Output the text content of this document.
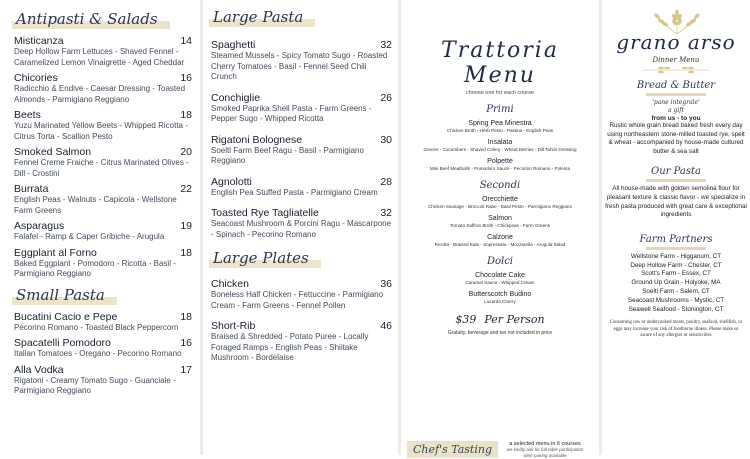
Antipasti & Salads
Misticanza	14
Deep Hollow Farm Lettuces - Shaved Fennel - Caramelized Lemon Vinaigrette - Aged Cheddar
Chicories	16
Radicchio & Endive - Caesar Dressing - Toasted Almonds - Parmigiano Reggiano
Beets	18
Yuzu Marinated Yellow Beets - Whipped Ricotta - Citrus Torta - Scallion Pesto
Smoked Salmon	20
Fennel Creme Fraiche - Citrus Marinated Olives - Dill - Crostini
Burrata	22
English Peas - Walnuts - Capicola - Wellstone Farm Greens
Asparagus	19
Falafel - Ramp & Caper Gribiche - Arugula
Eggplant al Forno	18
Baked Eggplant - Pomodoro - Ricotta - Basil - Parmigiano Reggiano
Small Pasta
Bucatini Cacio e Pepe	18
Pecorino Romano - Toasted Black Peppercorn
Spacatelli Pomodoro	16
Italian Tomatoes - Oregano - Pecorino Romano
Alla Vodka	17
Rigatoni - Creamy Tomato Sugo - Guanciale - Parmigiano Reggiano
Large Pasta
Spaghetti	32
Steamed Mussels - Spicy Tomato Sugo - Roasted Cherry Tomatoes - Basil - Fennel Seed Chili Crunch
Conchiglie	26
Smoked Paprika Shell Pasta - Farm Greens - Pepper Sugo - Whipped Ricotta
Rigatoni Bolognese	30
Soeltl Farm Beef Ragu - Basil - Parmigiano Reggiano
Agnolotti	28
English Pea Stuffed Pasta - Parmigiano Cream
Toasted Rye Tagliatelle	32
Seacoast Mushroom & Porcini Ragu - Mascarpone - Spinach - Pecorino Romano
Large Plates
Chicken	36
Boneless Half Chicken - Fettuccine - Parmigiano Cream - Farm Greens - Fennel Pollen
Short-Rib	46
Braised & Shredded - Potato Puree - Locally Foraged Ramps - English Peas - Shiitake Mushroom - Bordelaise
Trattoria Menu
choose one for each course
Primi
Spring Pea Minestra
Chicken Broth - Herb Pesto - Pastina - English Peas
Insalata
Greens - Cucumbers - Shaved Celery - Wheat Berries - Dill Tahini Dressing
Polpette
Mini Beef Meatballs - Pomodoro Sauce - Pecorino Romano - Polenta
Secondi
Orecchiette
Chicken Sausage - Broccoli Rabe - Basil Pesto - Parmigiano Reggiano
Salmon
Tomato Saffron Broth - Chickpeas - Farm Greens
Calzone
Ricotta - Braised Kale - Sopressata - Mozzarella - Arugula Salad
Dolci
Chocolate Cake
Caramel Sauce - Whipped Cream
Butterscotch Budino
Luxardo Cherry
$39 Per Person
Gratuity, beverage and tax not included in price
Chef's Tasting	a selected menu in 6 courses
we kindly ask for full table participation
wine pairing available
grano arso
Dinner Menu
Bread & Butter
'pane integrale'
a gift
from us - to you
Rustic whole grain bread baked fresh every day using northeastern stone-milled toasted rye, spelt & wheat - accompanied by house-made cultured butter & sea salt
Our Pasta
All house-made with golden semolina flour for pleasant texture & classic flavor - we specialize in fresh pasta produced with great care & exceptional ingredients
Farm Partners
Wellstone Farm - Higganum, CT
Deep Hollow Farm - Chester, CT
Scott's Farm - Essex, CT
Ground Up Grain - Holyoke, MA
Soeltl Farm - Salem, CT
Seacoast Mushrooms - Mystic, CT
Seawell Seafood - Stonington, CT
Consuming raw or undercooked meats, poultry, seafood, shellfish, or eggs may increase your risk of foodborne illness. Please make us aware of any allergies or sensitivities
